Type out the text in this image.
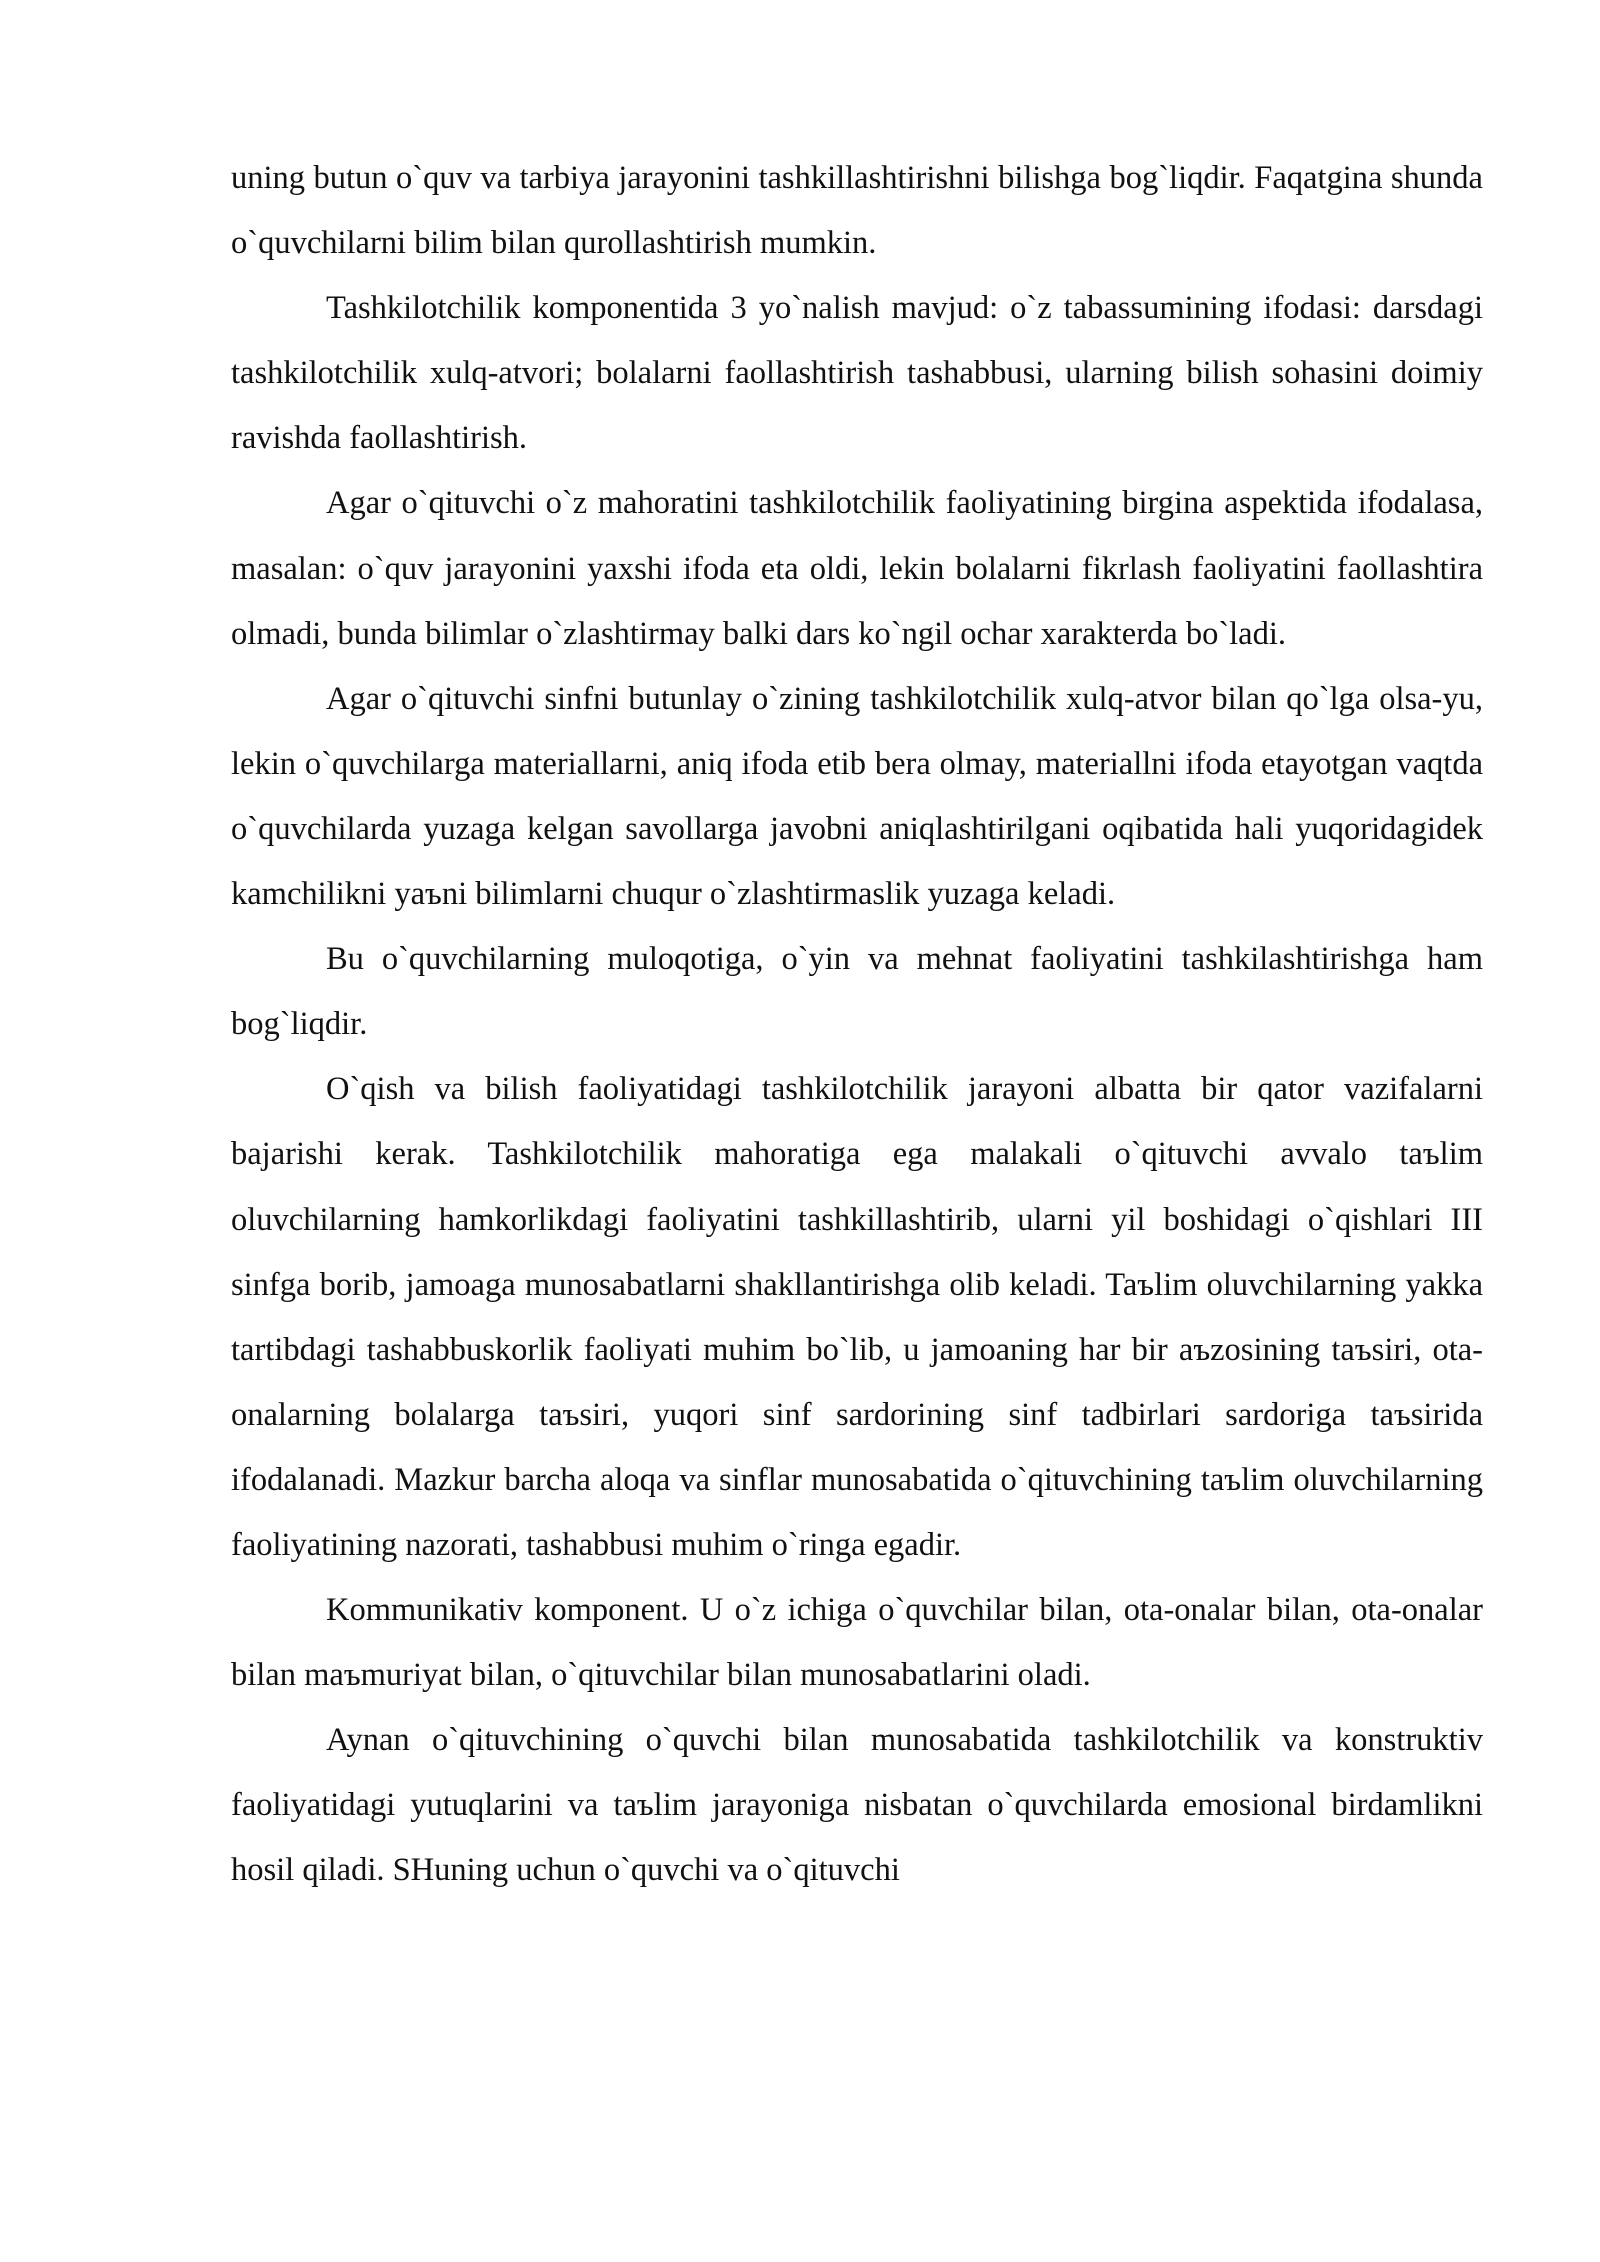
uning butun o`quv va tarbiya jarayonini tashkillashtirishni bilishga bog`liqdir. Faqatgina shunda o`quvchilarni bilim bilan qurollashtirish mumkin.

Tashkilotchilik komponentida 3 yo`nalish mavjud: o`z tabassumining ifodasi: darsdagi tashkilotchilik xulq-atvori; bolalarni faollashtirish tashabbusi, ularning bilish sohasini doimiy ravishda faollashtirish.

Agar o`qituvchi o`z mahoratini tashkilotchilik faoliyatining birgina aspektida ifodalasa, masalan: o`quv jarayonini yaxshi ifoda eta oldi, lekin bolalarni fikrlash faoliyatini faollashtira olmadi, bunda bilimlar o`zlashtirmay balki dars ko`ngil ochar xarakterda bo`ladi.

Agar o`qituvchi sinfni butunlay o`zining tashkilotchilik xulq-atvor bilan qo`lga olsa-yu, lekin o`quvchilarga materiallarni, aniq ifoda etib bera olmay, materiallni ifoda etayotgan vaqtda o`quvchilarda yuzaga kelgan savollarga javobni aniqlashtirilgani oqibatida hali yuqoridagidek kamchilikni yaъni bilimlarni chuqur o`zlashtirmaslik yuzaga keladi.

Bu o`quvchilarning muloqotiga, o`yin va mehnat faoliyatini tashkilashtirishga ham bog`liqdir.

O`qish va bilish faoliyatidagi tashkilotchilik jarayoni albatta bir qator vazifalarni bajarishi kerak. Tashkilotchilik mahoratiga ega malakali o`qituvchi avvalo taъlim oluvchilarning hamkorlikdagi faoliyatini tashkillashtirib, ularni yil boshidagi o`qishlari III sinfga borib, jamoaga munosabatlarni shakllantirishga olib keladi. Taъlim oluvchilarning yakka tartibdagi tashabbuskorlik faoliyati muhim bo`lib, u jamoaning har bir aъzosining taъsiri, ota-onalarning bolalarga taъsiri, yuqori sinf sardorining sinf tadbirlari sardoriga taъsirida ifodalanadi. Mazkur barcha aloqa va sinflar munosabatida o`qituvchining taъlim oluvchilarning faoliyatining nazorati, tashabbusi muhim o`ringa egadir.

Kommunikativ komponent. U o`z ichiga o`quvchilar bilan, ota-onalar bilan, ota-onalar bilan maъmuriyat bilan, o`qituvchilar bilan munosabatlarini oladi.

Aynan o`qituvchining o`quvchi bilan munosabatida tashkilotchilik va konstruktiv faoliyatidagi yutuqlarini va taъlim jarayoniga nisbatan o`quvchilarda emosional birdamlikni hosil qiladi. SHuning uchun o`quvchi va o`qituvchi
